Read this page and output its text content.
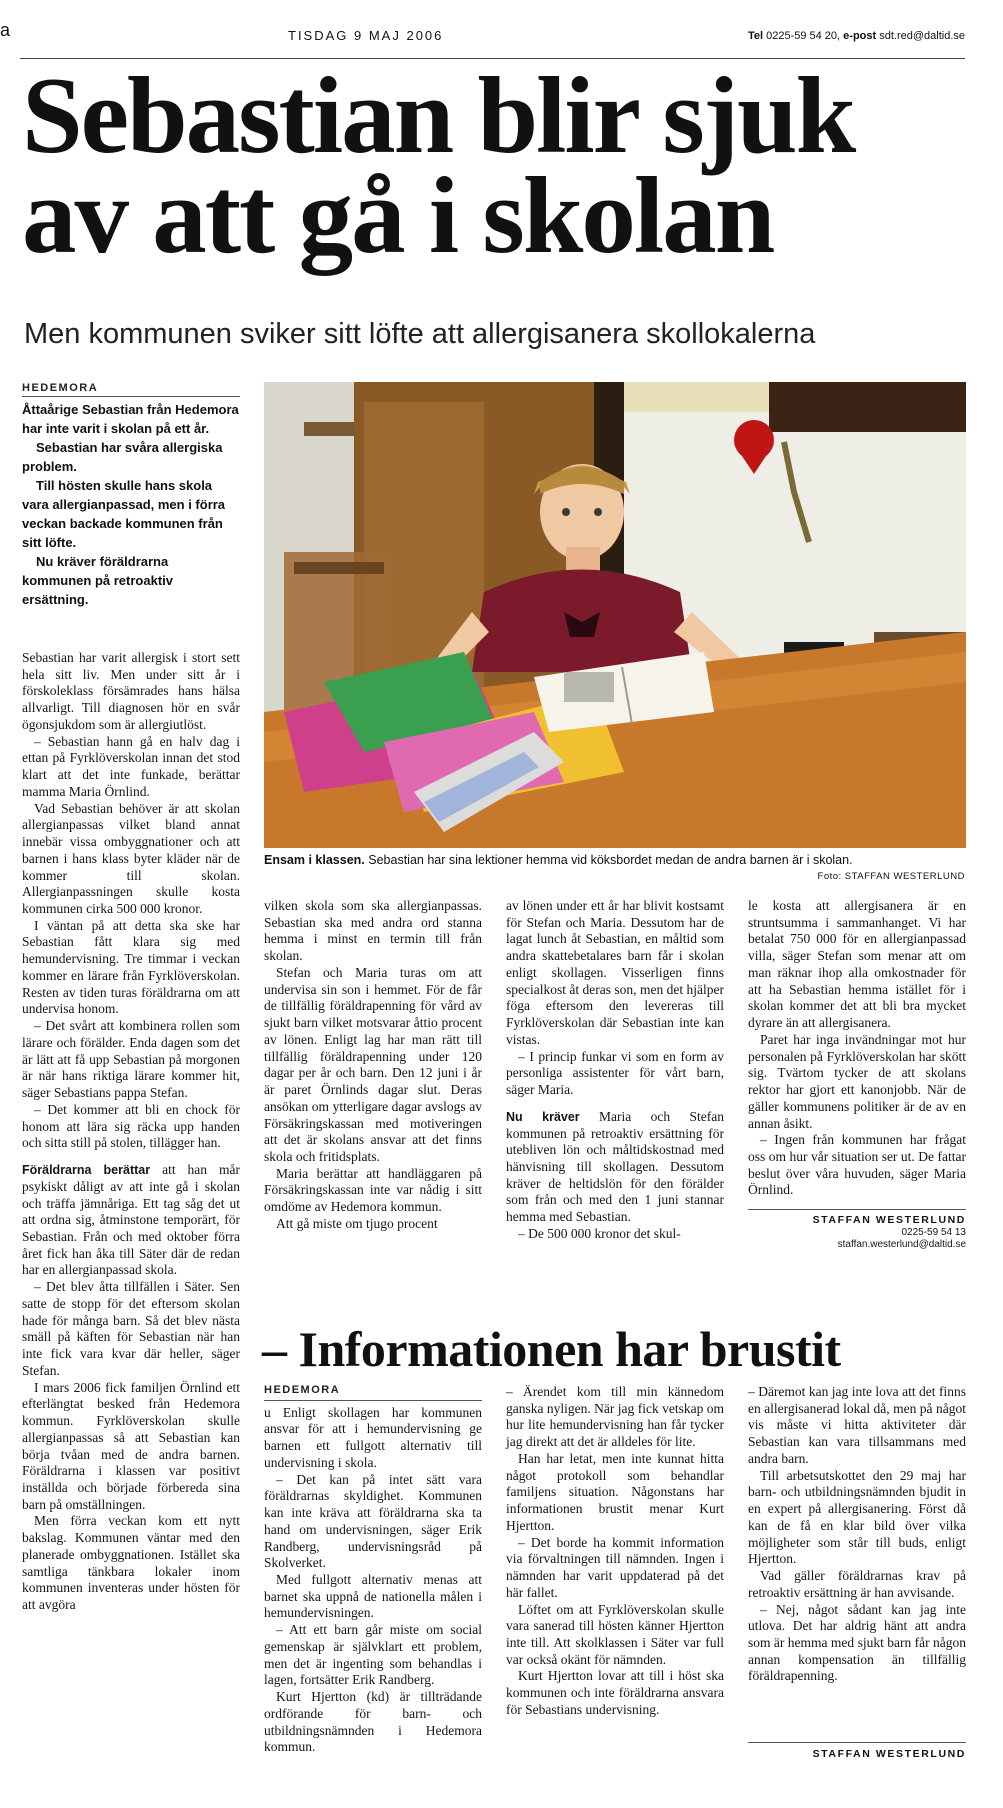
a	TISDAG 9 MAJ 2006	Tel 0225-59 54 20, e-post sdt.red@daltid.se
Sebastian blir sjuk
av att gå i skolan
Men kommunen sviker sitt löfte att allergisanera skollokalerna
HEDEMORA

Åttaårige Sebastian från Hedemora har inte varit i skolan på ett år.

Sebastian har svåra allergiska problem.

Till hösten skulle hans skola vara allergianpassad, men i förra veckan backade kommunen från sitt löfte.

Nu kräver föräldrarna kommunen på retroaktiv ersättning.

Ensam i klassen. Sebastian har sina lektioner hemma vid köksbordet medan de andra barnen är i skolan.

Foto: STAFFAN WESTERLUND

Sebastian har varit allergisk i stort sett hela sitt liv. Men under sitt år i förskoleklass försämrades hans hälsa allvarligt. Till diagnosen hör en svår ögonsjukdom som är allergiutlöst.

– Sebastian hann gå en halv dag i ettan på Fyrklöverskolan innan det stod klart att det inte funkade, berättar mamma Maria Örnlind.

Vad Sebastian behöver är att skolan allergianpassas vilket bland annat innebär vissa ombyggnationer och att barnen i hans klass byter kläder när de kommer till skolan. Allergianpassningen skulle kosta kommunen cirka 500 000 kronor.

I väntan på att detta ska ske har Sebastian fått klara sig med hemundervisning. Tre timmar i veckan kommer en lärare från Fyrklöverskolan. Resten av tiden turas föräldrarna om att undervisa honom.

– Det svårt att kombinera rollen som lärare och förälder. Enda dagen som det är lätt att få upp Sebastian på morgonen är när hans riktiga lärare kommer hit, säger Sebastians pappa Stefan.

– Det kommer att bli en chock för honom att lära sig räcka upp handen och sitta still på stolen, tillägger han.

Föräldrarna berättar att han mår psykiskt dåligt av att inte gå i skolan och träffa jämnåriga. Ett tag såg det ut att ordna sig, åtminstone temporärt, för Sebastian. Från och med oktober förra året fick han åka till Säter där de redan har en allergianpassad skola.

– Det blev åtta tillfällen i Säter. Sen satte de stopp för det eftersom skolan hade för många barn. Så det blev nästa smäll på käften för Sebastian när han inte fick vara kvar där heller, säger Stefan.

I mars 2006 fick familjen Örnlind ett efterlängtat besked från Hedemora kommun. Fyrklöverskolan skulle allergianpassas så att Sebastian kan börja tvåan med de andra barnen. Föräldrarna i klassen var positivt inställda och började förbereda sina barn på omställningen.

Men förra veckan kom ett nytt bakslag. Kommunen väntar med den planerade ombyggnationen. Istället ska samtliga tänkbara lokaler inom kommunen inventeras under hösten för att avgöra

vilken skola som ska allergianpassas. Sebastian ska med andra ord stanna hemma i minst en termin till från skolan.

Stefan och Maria turas om att undervisa sin son i hemmet. För de får de tillfällig föräldrapenning för vård av sjukt barn vilket motsvarar åttio procent av lönen. Enligt lag har man rätt till tillfällig föräldrapenning under 120 dagar per år och barn. Den 12 juni i år är paret Örnlinds dagar slut. Deras ansökan om ytterligare dagar avslogs av Försäkringskassan med motiveringen att det är skolans ansvar att det finns skola och fritidsplats.

Maria berättar att handläggaren på Försäkringskassan inte var nådig i sitt omdöme av Hedemora kommun.

Att gå miste om tjugo procent

av lönen under ett år har blivit kostsamt för Stefan och Maria. Dessutom har de lagat lunch åt Sebastian, en måltid som andra skattebetalares barn får i skolan enligt skollagen. Visserligen finns specialkost åt deras son, men det hjälper föga eftersom den levereras till Fyrklöverskolan där Sebastian inte kan vistas.

– I princip funkar vi som en form av personliga assistenter för vårt barn, säger Maria.

Nu kräver Maria och Stefan kommunen på retroaktiv ersättning för utebliven lön och måltidskostnad med hänvisning till skollagen. Dessutom kräver de heltidslön för den förälder som från och med den 1 juni stannar hemma med Sebastian.

– De 500 000 kronor det skul-

le kosta att allergisanera är en struntsumma i sammanhanget. Vi har betalat 750 000 för en allergianpassad villa, säger Stefan som menar att om man räknar ihop alla omkostnader för att ha Sebastian hemma istället för i skolan kommer det att bli bra mycket dyrare än att allergisanera.

Paret har inga invändningar mot hur personalen på Fyrklöverskolan har skött sig. Tvärtom tycker de att skolans rektor har gjort ett kanonjobb. När de gäller kommunens politiker är de av en annan åsikt.

– Ingen från kommunen har frågat oss om hur vår situation ser ut. De fattar beslut över våra huvuden, säger Maria Örnlind.

STAFFAN WESTERLUND
0225-59 54 13
staffan.westerlund@daltid.se
– Informationen har brustit
HEDEMORA

u Enligt skollagen har kommunen ansvar för att i hemundervisning ge barnen ett fullgott alternativ till undervisning i skola.

– Det kan på intet sätt vara föräldrarnas skyldighet. Kommunen kan inte kräva att föräldrarna ska ta hand om undervisningen, säger Erik Randberg, undervisningsråd på Skolverket.

Med fullgott alternativ menas att barnet ska uppnå de nationella målen i hemundervisningen.

– Att ett barn går miste om social gemenskap är självklart ett problem, men det är ingenting som behandlas i lagen, fortsätter Erik Randberg.

Kurt Hjertton (kd) är tillträdande ordförande för barn- och utbildningsnämnden i Hedemora kommun.

– Ärendet kom till min kännedom ganska nyligen. När jag fick vetskap om hur lite hemundervisning han får tycker jag direkt att det är alldeles för lite.

Han har letat, men inte kunnat hitta något protokoll som behandlar familjens situation. Någonstans har informationen brustit menar Kurt Hjertton.

– Det borde ha kommit information via förvaltningen till nämnden. Ingen i nämnden har varit uppdaterad på det här fallet.

Löftet om att Fyrklöverskolan skulle vara sanerad till hösten känner Hjertton inte till. Att skolklassen i Säter var full var också okänt för nämnden.

Kurt Hjertton lovar att till i höst ska kommunen och inte föräldrarna ansvara för Sebastians undervisning.

– Däremot kan jag inte lova att det finns en allergisanerad lokal då, men på något vis måste vi hitta aktiviteter där Sebastian kan vara tillsammans med andra barn.

Till arbetsutskottet den 29 maj har barn- och utbildningsnämnden bjudit in en expert på allergisanering. Först då kan de få en klar bild över vilka möjligheter som står till buds, enligt Hjertton.

Vad gäller föräldrarnas krav på retroaktiv ersättning är han avvisande.

– Nej, något sådant kan jag inte utlova. Det har aldrig hänt att andra som är hemma med sjukt barn får någon annan kompensation än tillfällig föräldrapenning.

STAFFAN WESTERLUND
